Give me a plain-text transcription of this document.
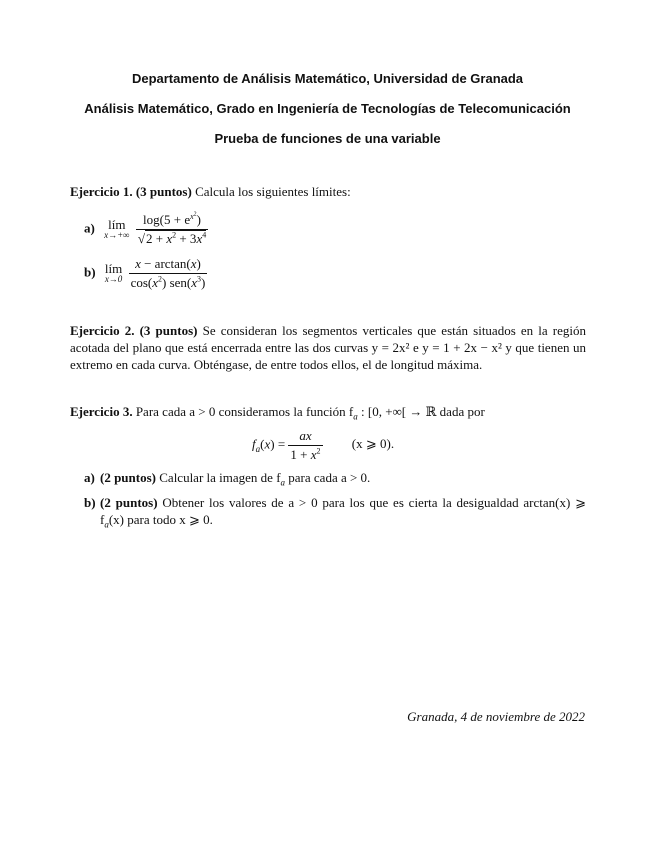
Departamento de Análisis Matemático, Universidad de Granada
Análisis Matemático, Grado en Ingeniería de Tecnologías de Telecomunicación
Prueba de funciones de una variable
Ejercicio 1. (3 puntos) Calcula los siguientes límites:
a) lím
x→+∞
$\frac{\log(5 + e^{x^2})}{√2 + x^2 + 3x^4}$
b) lím
x→0
$\frac{x - \arctan(x)}{\cos(x^2) sen(x^3)}$
Ejercicio 2. (3 puntos) Se consideran los segmentos verticales que están situados en la región acotada del plano que está encerrada entre las dos curvas y = 2x² e y = 1 + 2x − x² y que tienen un extremo en cada curva. Obténgase, de entre todos ellos, el de longitud máxima.
Ejercicio 3. Para cada a > 0 consideramos la función $f_a$ : [0, +∞[ → ℝ dada por
$f_a(x) = \frac{ax}{1 + x^2} (x$ ⩾ 0).
a) (2 puntos) Calcular la imagen de $f_a$ para cada a > 0.
b) (2 puntos) Obtener los valores de a > 0 para los que es cierta la desigualdad arctan(x) ⩾ $f_a(x)$ para todo x ⩾ 0.
Granada, 4 de noviembre de 2022
